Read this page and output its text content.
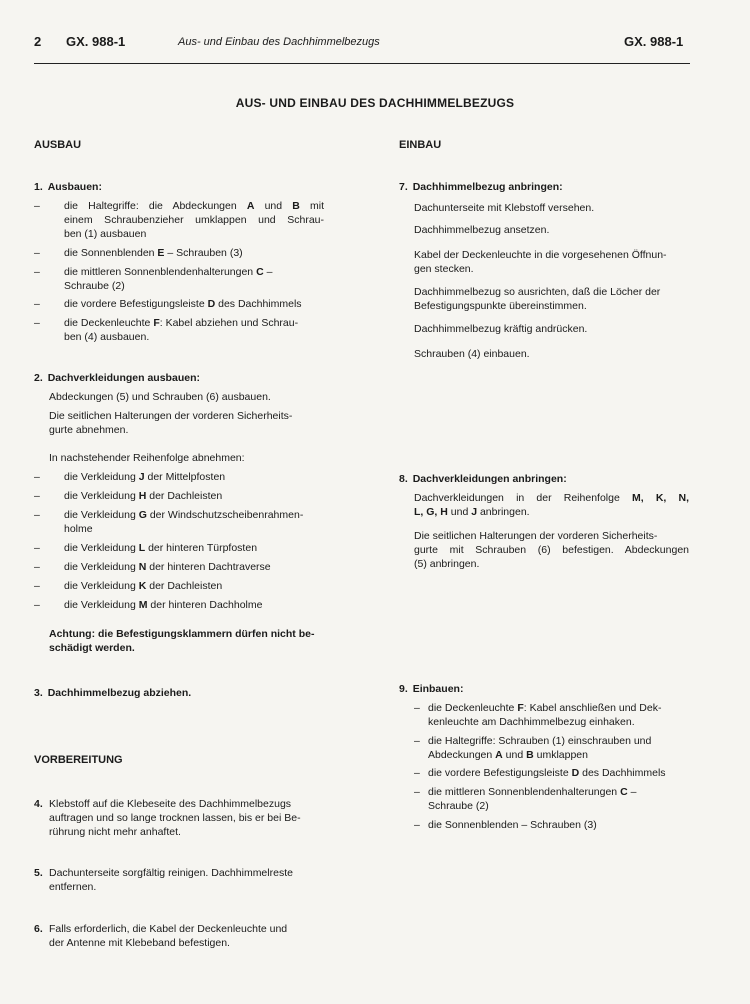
2 GX. 988-1	Aus- und Einbau des Dachhimmelbezugs	GX. 988-1
AUS- UND EINBAU DES DACHHIMMELBEZUGS
AUSBAU
1. Ausbauen:
– die Haltegriffe: die Abdeckungen A und B mit
einem Schraubenzieher umklappen und Schrau-
ben (1) ausbauen
– die Sonnenblenden E – Schrauben (3)
– die mittleren Sonnenblendenhalterungen C –
Schraube (2)
– die vordere Befestigungsleiste D des Dachhimmels
– die Deckenleuchte F: Kabel abziehen und Schrau-
ben (4) ausbauen.
2. Dachverkleidungen ausbauen:
Abdeckungen (5) und Schrauben (6) ausbauen.
Die seitlichen Halterungen der vorderen Sicherheits-
gurte abnehmen.
In nachstehender Reihenfolge abnehmen:
– die Verkleidung J der Mittelpfosten
– die Verkleidung H der Dachleisten
– die Verkleidung G der Windschutzscheibenrahmen-
holme
– die Verkleidung L der hinteren Türpfosten
– die Verkleidung N der hinteren Dachtraverse
– die Verkleidung K der Dachleisten
– die Verkleidung M der hinteren Dachholme
Achtung: die Befestigungsklammern dürfen nicht be-
schädigt werden.
3. Dachhimmelbezug abziehen.
VORBEREITUNG
4. Klebstoff auf die Klebeseite des Dachhimmelbezugs
auftragen und so lange trocknen lassen, bis er bei Be-
rührung nicht mehr anhaftet.
5. Dachunterseite sorgfältig reinigen. Dachhimmelreste
entfernen.
6. Falls erforderlich, die Kabel der Deckenleuchte und
der Antenne mit Klebeband befestigen.
EINBAU
7. Dachhimmelbezug anbringen:
Dachunterseite mit Klebstoff versehen.
Dachhimmelbezug ansetzen.
Kabel der Deckenleuchte in die vorgesehenen Öffnun-
gen stecken.
Dachhimmelbezug so ausrichten, daß die Löcher der
Befestigungspunkte übereinstimmen.
Dachhimmelbezug kräftig andrücken.
Schrauben (4) einbauen.
8. Dachverkleidungen anbringen:
Dachverkleidungen in der Reihenfolge M, K, N,
L, G, H und J anbringen.
Die seitlichen Halterungen der vorderen Sicherheits-
gurte mit Schrauben (6) befestigen. Abdeckungen
(5) anbringen.
9. Einbauen:
– die Deckenleuchte F: Kabel anschließen und Dek-
kenleuchte am Dachhimmelbezug einhaken.
– die Haltegriffe: Schrauben (1) einschrauben und
Abdeckungen A und B umklappen
– die vordere Befestigungsleiste D des Dachhimmels
– die mittleren Sonnenblendenhalterungen C –
Schraube (2)
– die Sonnenblenden – Schrauben (3)
